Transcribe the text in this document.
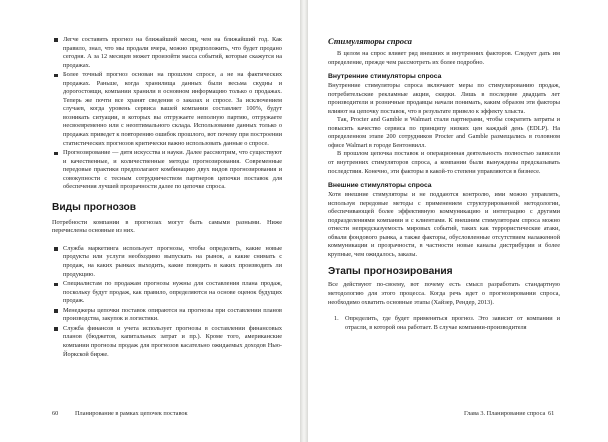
Легче составить прогноз на ближайший месяц, чем на ближайший год. Как правило, знал, что мы продали вчера, можно предположить, что будет продано сегодня. А за 12 месяцев может произойти масса событий, которые скажутся на продажах.

Более точный прогноз основан на прошлом спросе, а не на фактических продажах. Раньше, когда хранилища данных были весьма скудны и дорогостоящи, компании хранили в основном информацию только о продажах. Теперь же почти все хранят сведения о заказах и спросе. За исключением случаев, когда уровень сервиса вашей компании составляет 100%, будут возникать ситуации, в которых вы отгружаете неполную партию, отгружаете несвоевременно или с неоптимального склада. Использование данных только о продажах приведет к повторению ошибок прошлого, вот почему при построении статистических прогнозов критически важно использовать данные о спросе.

Прогнозирование — дитя искусства и науки. Далее рассмотрим, что существуют и качественные, и количественные методы прогнозирования. Современные передовые практики предполагают комбинацию двух видов прогнозирования и совокупности с тесным сотрудничеством партнеров цепочки поставок для обеспечения лучшей прозрачности далее по цепочке спроса.

Виды прогнозов

Потребности компании в прогнозах могут быть самыми разными. Ниже перечислены основные из них.

Служба маркетинга использует прогнозы, чтобы определить, какие новые продукты или услуги необходимо выпускать на рынок, а какие снимать с продаж, на каких рынках выходить, какие поведить в каких производить ли продукцию.

Специалистам по продажам прогнозы нужны для составления плана продаж, поскольку будут продаж, как правило, определяются на основе оценок будущих продаж.

Менеджеры цепочки поставок опираются на прогнозы при составлении планов производства, закупок и логистики.

Служба финансов и учета использует прогнозы в составлении финансовых планов (бюджетов, капитальных затрат и пр.). Кроме того, американские компании прогнозы продаж для прогнозов касательно ожидаемых доходов Нью-Йоркской бирже.

60	Планирование в рамках цепочек поставок
Стимуляторы спроса

В целом на спрос влияет ряд внешних и внутренних факторов. Следует дать им определение, прежде чем рассмотреть их более подробно.

Внутренние стимуляторы спроса

Внутренние стимуляторы спроса включают меры по стимулированию продаж, потребительские рекламные акции, скидки. Лишь в последние двадцать лет производители и розничные продавцы начали понимать, каким образом эти факторы влияют на цепочку поставок, что в результате привело к эффекту хлыста.

Так, Procter and Gamble и Walmart стали партнерами, чтобы сократить затраты и повысить качество сервиса по принципу низких цен каждый день (EDLP). На определенном этапе 200 сотрудников Procter and Gamble размещались в головном офисе Walmart в городе Бентонвилл.

В прошлом цепочка поставок и операционная деятельность полностью зависели от внутренних стимуляторов спроса, а компании были вынуждены предсказывать последствия. Конечно, эти факторы в какой-то степени управляются в бизнесе.

Внешние стимуляторы спроса

Хотя внешние стимуляторы и не поддаются контролю, ими можно управлять, используя передовые методы с применением структурированной методологии, обеспечивающей более эффективную коммуникацию и интеграцию с другими подразделениями компании и с клиентами. К внешним стимуляторам спроса можно отнести непредсказуемость мировых событий, таких как террористические атаки, обвали фондового рынка, а также факторы, обусловленные отсутствием налаженной коммуникации и прозрачности, в частности новые каналы дистрибуции и более крупные, чем ожидалось, заказы.

Этапы прогнозирования

Все действуют по-своему, вот почему есть смысл разработать стандартную методологию для этого процесса. Когда речь идет о прогнозировании спроса, необходимо охватить основные этапы (Хайзер, Рендер, 2013).

1. Определить, где будет применяться прогноз. Это зависит от компании и отрасли, в которой она работает. В случае компании-производителя

Глава 3. Планирование спроса 61
